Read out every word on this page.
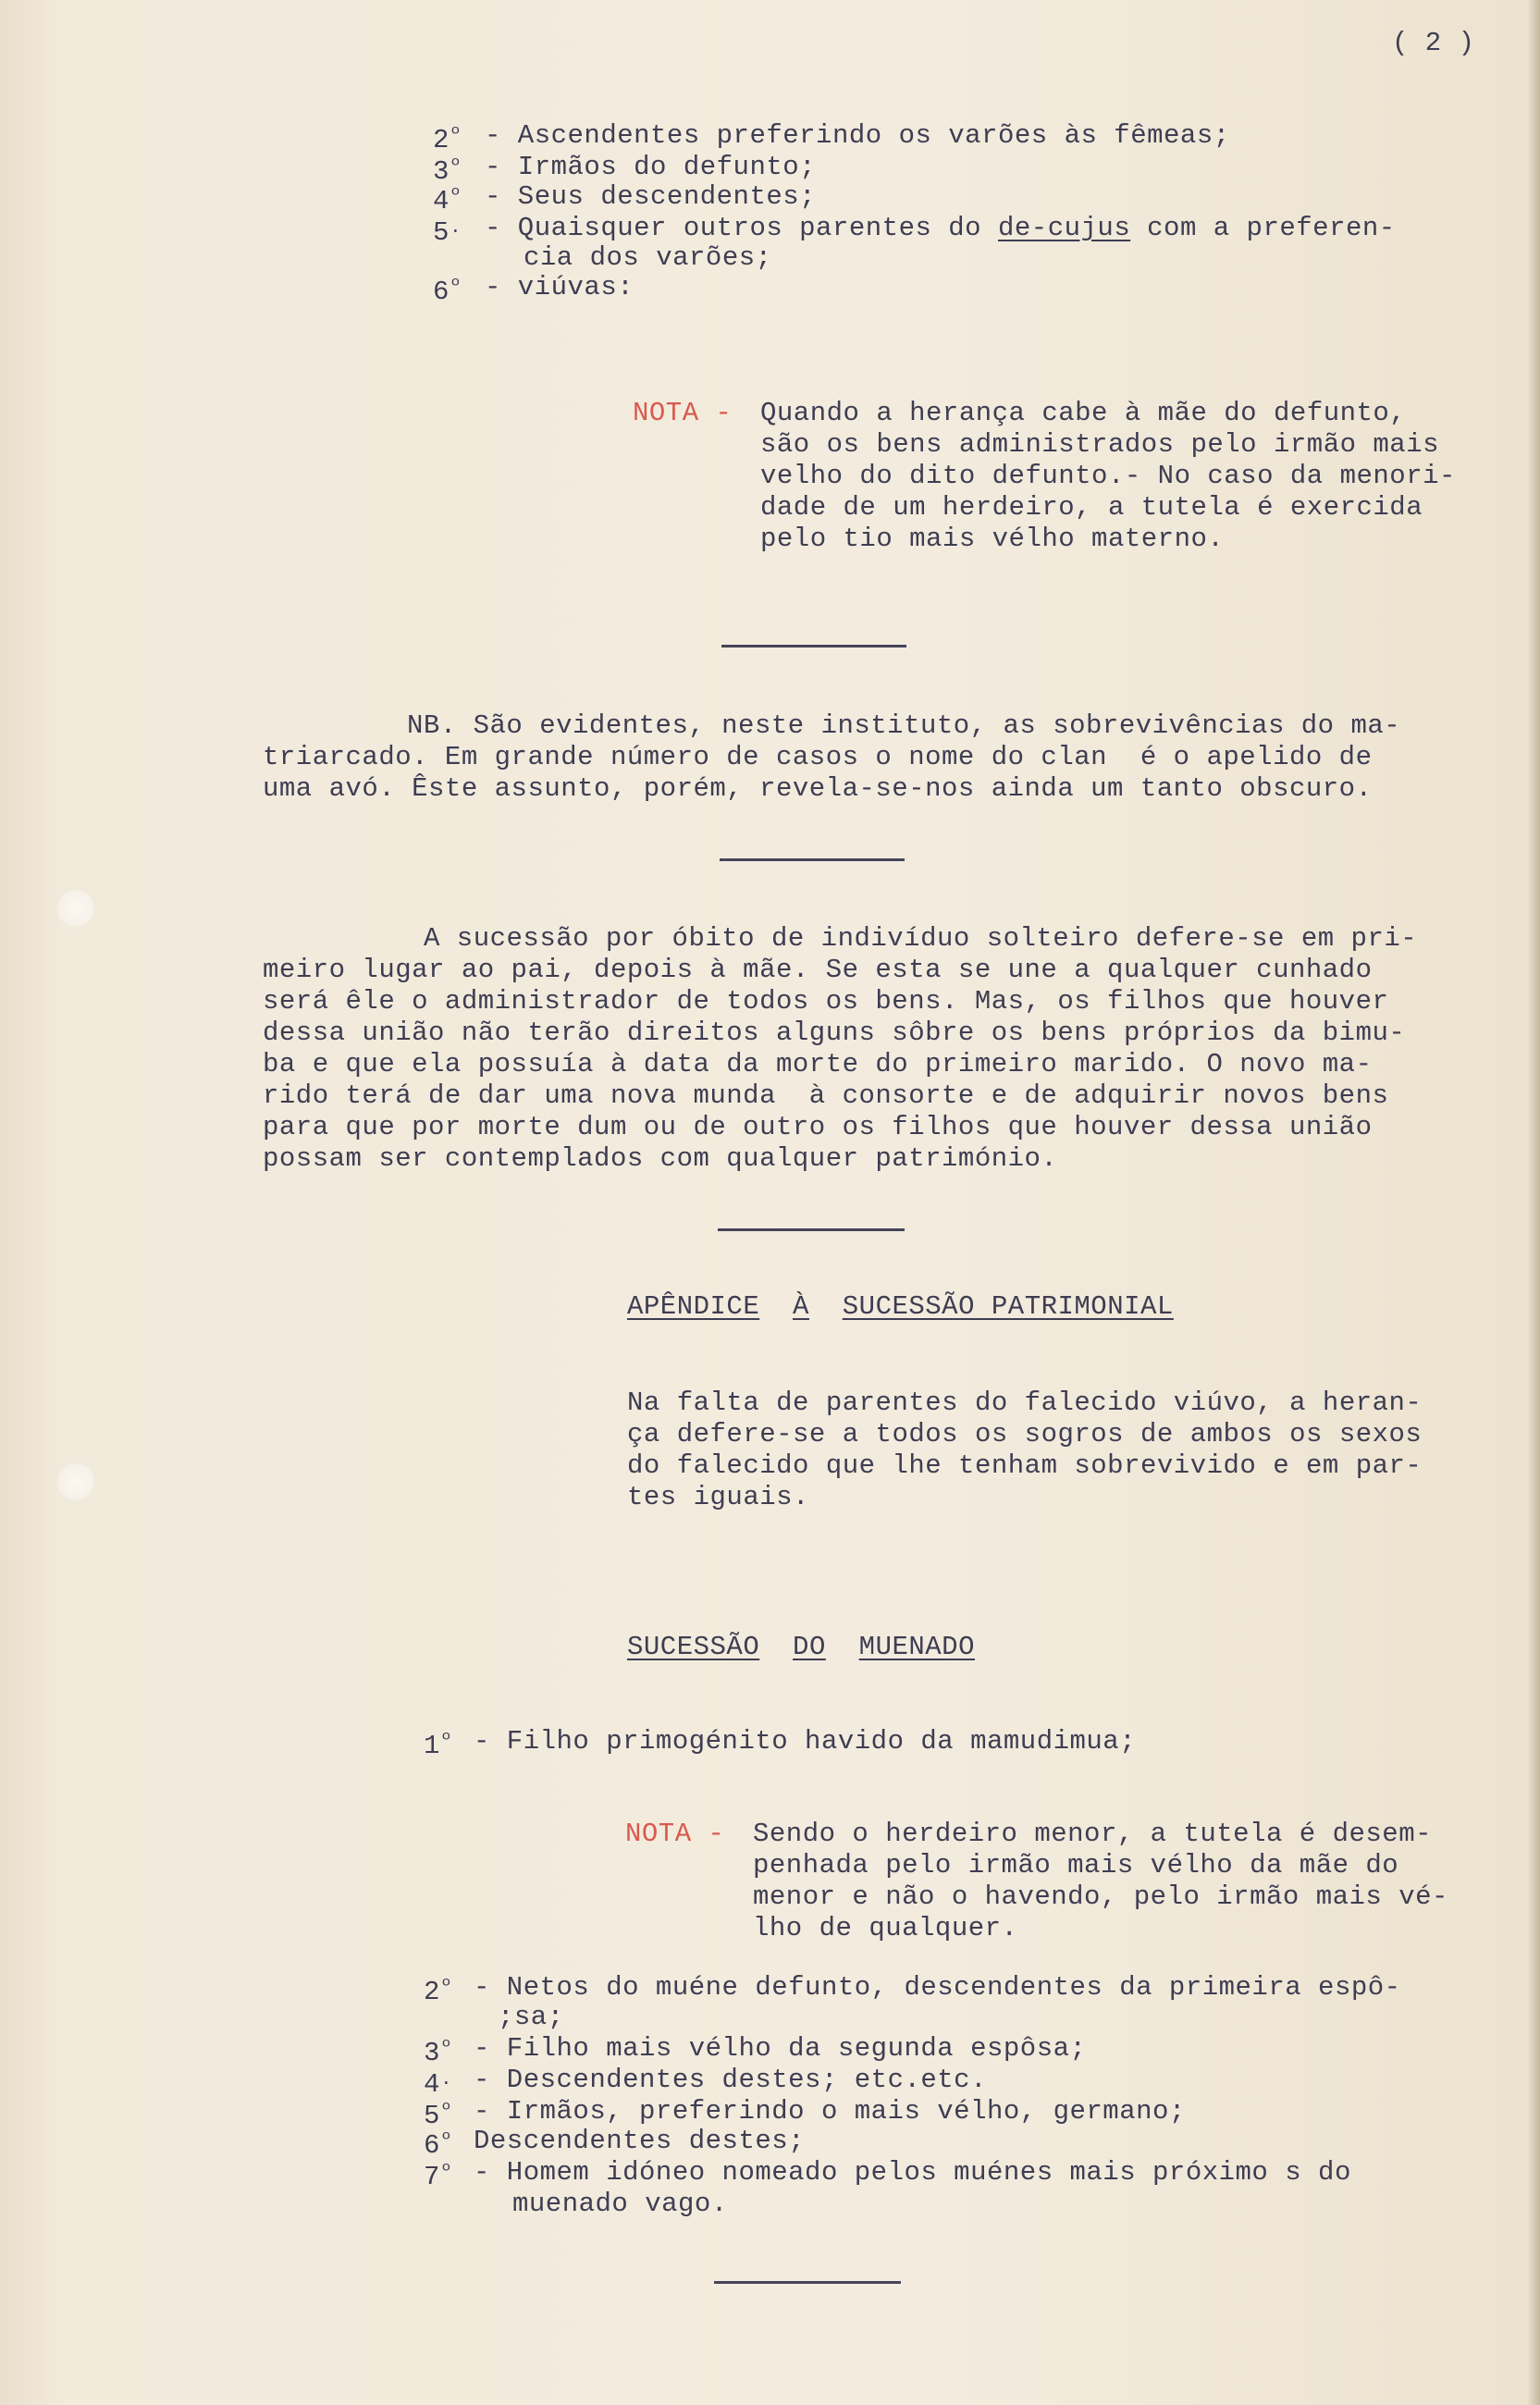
( 2 )
$2^º$ - Ascendentes preferindo os varões às fêmeas;
$3^º$ - Irmãos do defunto;
$4^º$ - Seus descendentes;
5. - Quaisquer outros parentes do de-cujus com a preferen-
cia dos varões;
$6^º$ - viúvas:
NOTA - Quando a herança cabe à mãe do defunto,
são os bens administrados pelo irmão mais
velho do dito defunto.- No caso da menori-
dade de um herdeiro, a tutela é exercida
pelo tio mais vélho materno.
NB. São evidentes, neste instituto, as sobrevivências do ma-
triarcado. Em grande número de casos o nome do clan  é o apelido de
uma avó. Êste assunto, porém, revela-se-nos ainda um tanto obscuro.
A sucessão por óbito de indivíduo solteiro defere-se em pri-
meiro lugar ao pai, depois à mãe. Se esta se une a qualquer cunhado
será êle o administrador de todos os bens. Mas, os filhos que houver
dessa união não terão direitos alguns sôbre os bens próprios da bimu-
ba e que ela possuía à data da morte do primeiro marido. O novo ma-
rido terá de dar uma nova munda  à consorte e de adquirir novos bens
para que por morte dum ou de outro os filhos que houver dessa união
possam ser contemplados com qualquer património.
APÊNDICE À SUCESSÃO PATRIMONIAL
Na falta de parentes do falecido viúvo, a heran-
ça defere-se a todos os sogros de ambos os sexos
do falecido que lhe tenham sobrevivido e em par-
tes iguais.
SUCESSÃO DO MUENADO
$1^º$ - Filho primogénito havido da mamudimua;
NOTA - Sendo o herdeiro menor, a tutela é desem-
penhada pelo irmão mais vélho da mãe do
menor e não o havendo, pelo irmão mais vé-
lho de qualquer.
$2^º$ - Netos do muéne defunto, descendentes da primeira espô-
;sa;
$3^º$ - Filho mais vélho da segunda espôsa;
4. - Descendentes destes; etc.etc.
$5^º$ - Irmãos, preferindo o mais vélho, germano;
$6^º$ Descendentes destes;
$7^º$ - Homem idóneo nomeado pelos muénes mais próximo s do
muenado vago.
